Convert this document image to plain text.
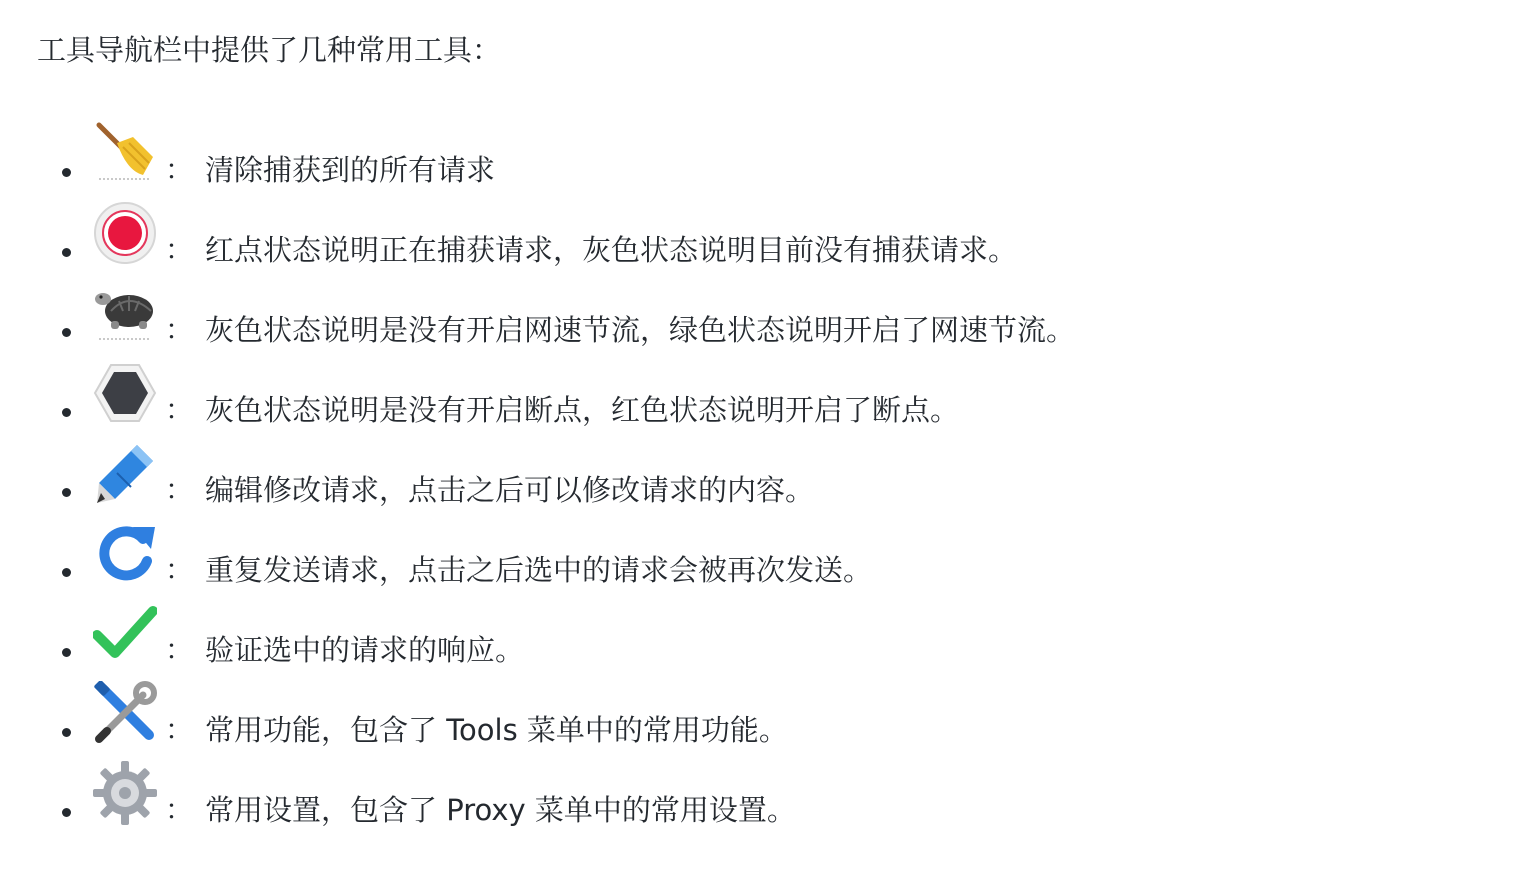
工具导航栏中提供了几种常用工具：

： 清除捕获到的所有请求
： 红点状态说明正在捕获请求，灰色状态说明目前没有捕获请求。
： 灰色状态说明是没有开启网速节流，绿色状态说明开启了网速节流。
： 灰色状态说明是没有开启断点，红色状态说明开启了断点。
： 编辑修改请求，点击之后可以修改请求的内容。
： 重复发送请求，点击之后选中的请求会被再次发送。
： 验证选中的请求的响应。
： 常用功能，包含了 Tools 菜单中的常用功能。
： 常用设置，包含了 Proxy 菜单中的常用设置。
